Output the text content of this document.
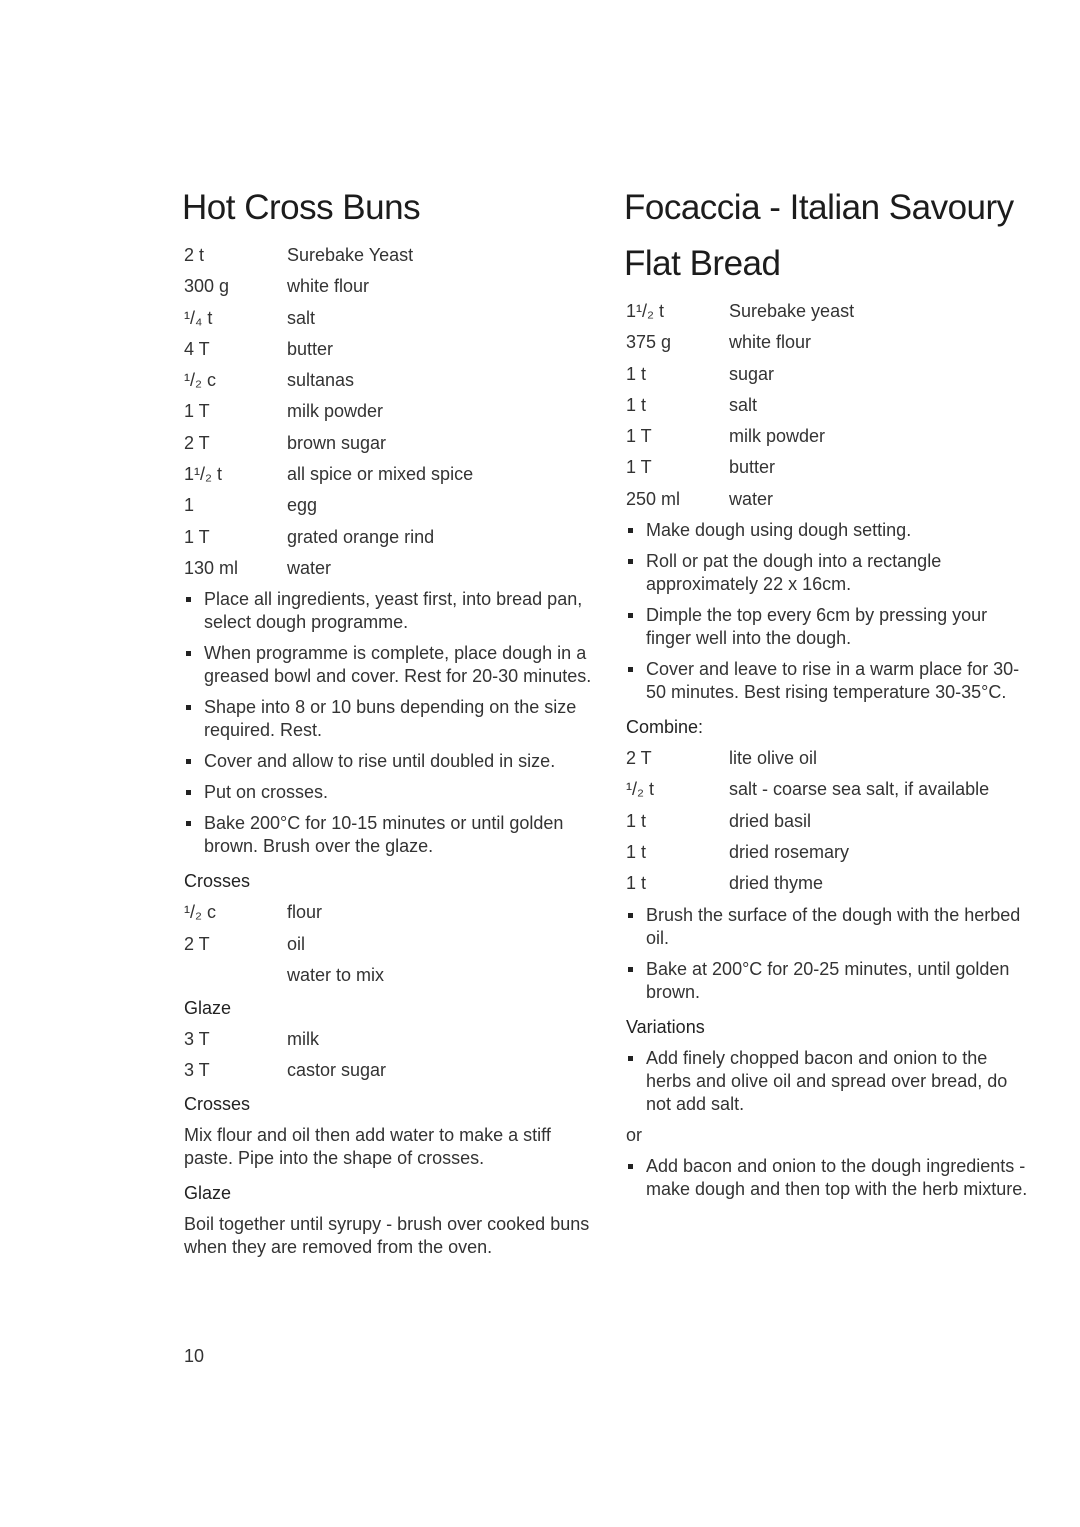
Hot Cross Buns
2 t	Surebake Yeast
300 g	white flour
¹/₄ t	salt
4 T	butter
¹/₂ c	sultanas
1 T	milk powder
2 T	brown sugar
1¹/₂ t	all spice or mixed spice
1	egg
1 T	grated orange rind
130 ml	water
Place all ingredients, yeast first, into bread pan, select dough programme.
When programme is complete, place dough in a greased bowl and cover. Rest for 20-30 minutes.
Shape into 8 or 10 buns depending on the size required. Rest.
Cover and allow to rise until doubled in size.
Put on crosses.
Bake 200°C for 10-15 minutes or until golden brown. Brush over the glaze.
Crosses
¹/₂ c	flour
2 T	oil
water to mix
Glaze
3 T	milk
3 T	castor sugar
Crosses
Mix flour and oil then add water to make a stiff paste. Pipe into the shape of crosses.
Glaze
Boil together until syrupy - brush over cooked buns when they are removed from the oven.
Focaccia - Italian Savoury Flat Bread
1¹/₂ t	Surebake yeast
375 g	white flour
1 t	sugar
1 t	salt
1 T	milk powder
1 T	butter
250 ml	water
Make dough using dough setting.
Roll or pat the dough into a rectangle approximately 22 x 16cm.
Dimple the top every 6cm by pressing your finger well into the dough.
Cover and leave to rise in a warm place for 30-50 minutes. Best rising temperature 30-35°C.
Combine:
2 T	lite olive oil
¹/₂ t	salt - coarse sea salt, if available
1 t	dried basil
1 t	dried rosemary
1 t	dried thyme
Brush the surface of the dough with the herbed oil.
Bake at 200°C for 20-25 minutes, until golden brown.
Variations
Add finely chopped bacon and onion to the herbs and olive oil and spread over bread, do not add salt.
or
Add bacon and onion to the dough ingredients - make dough and then top with the herb mixture.
10
